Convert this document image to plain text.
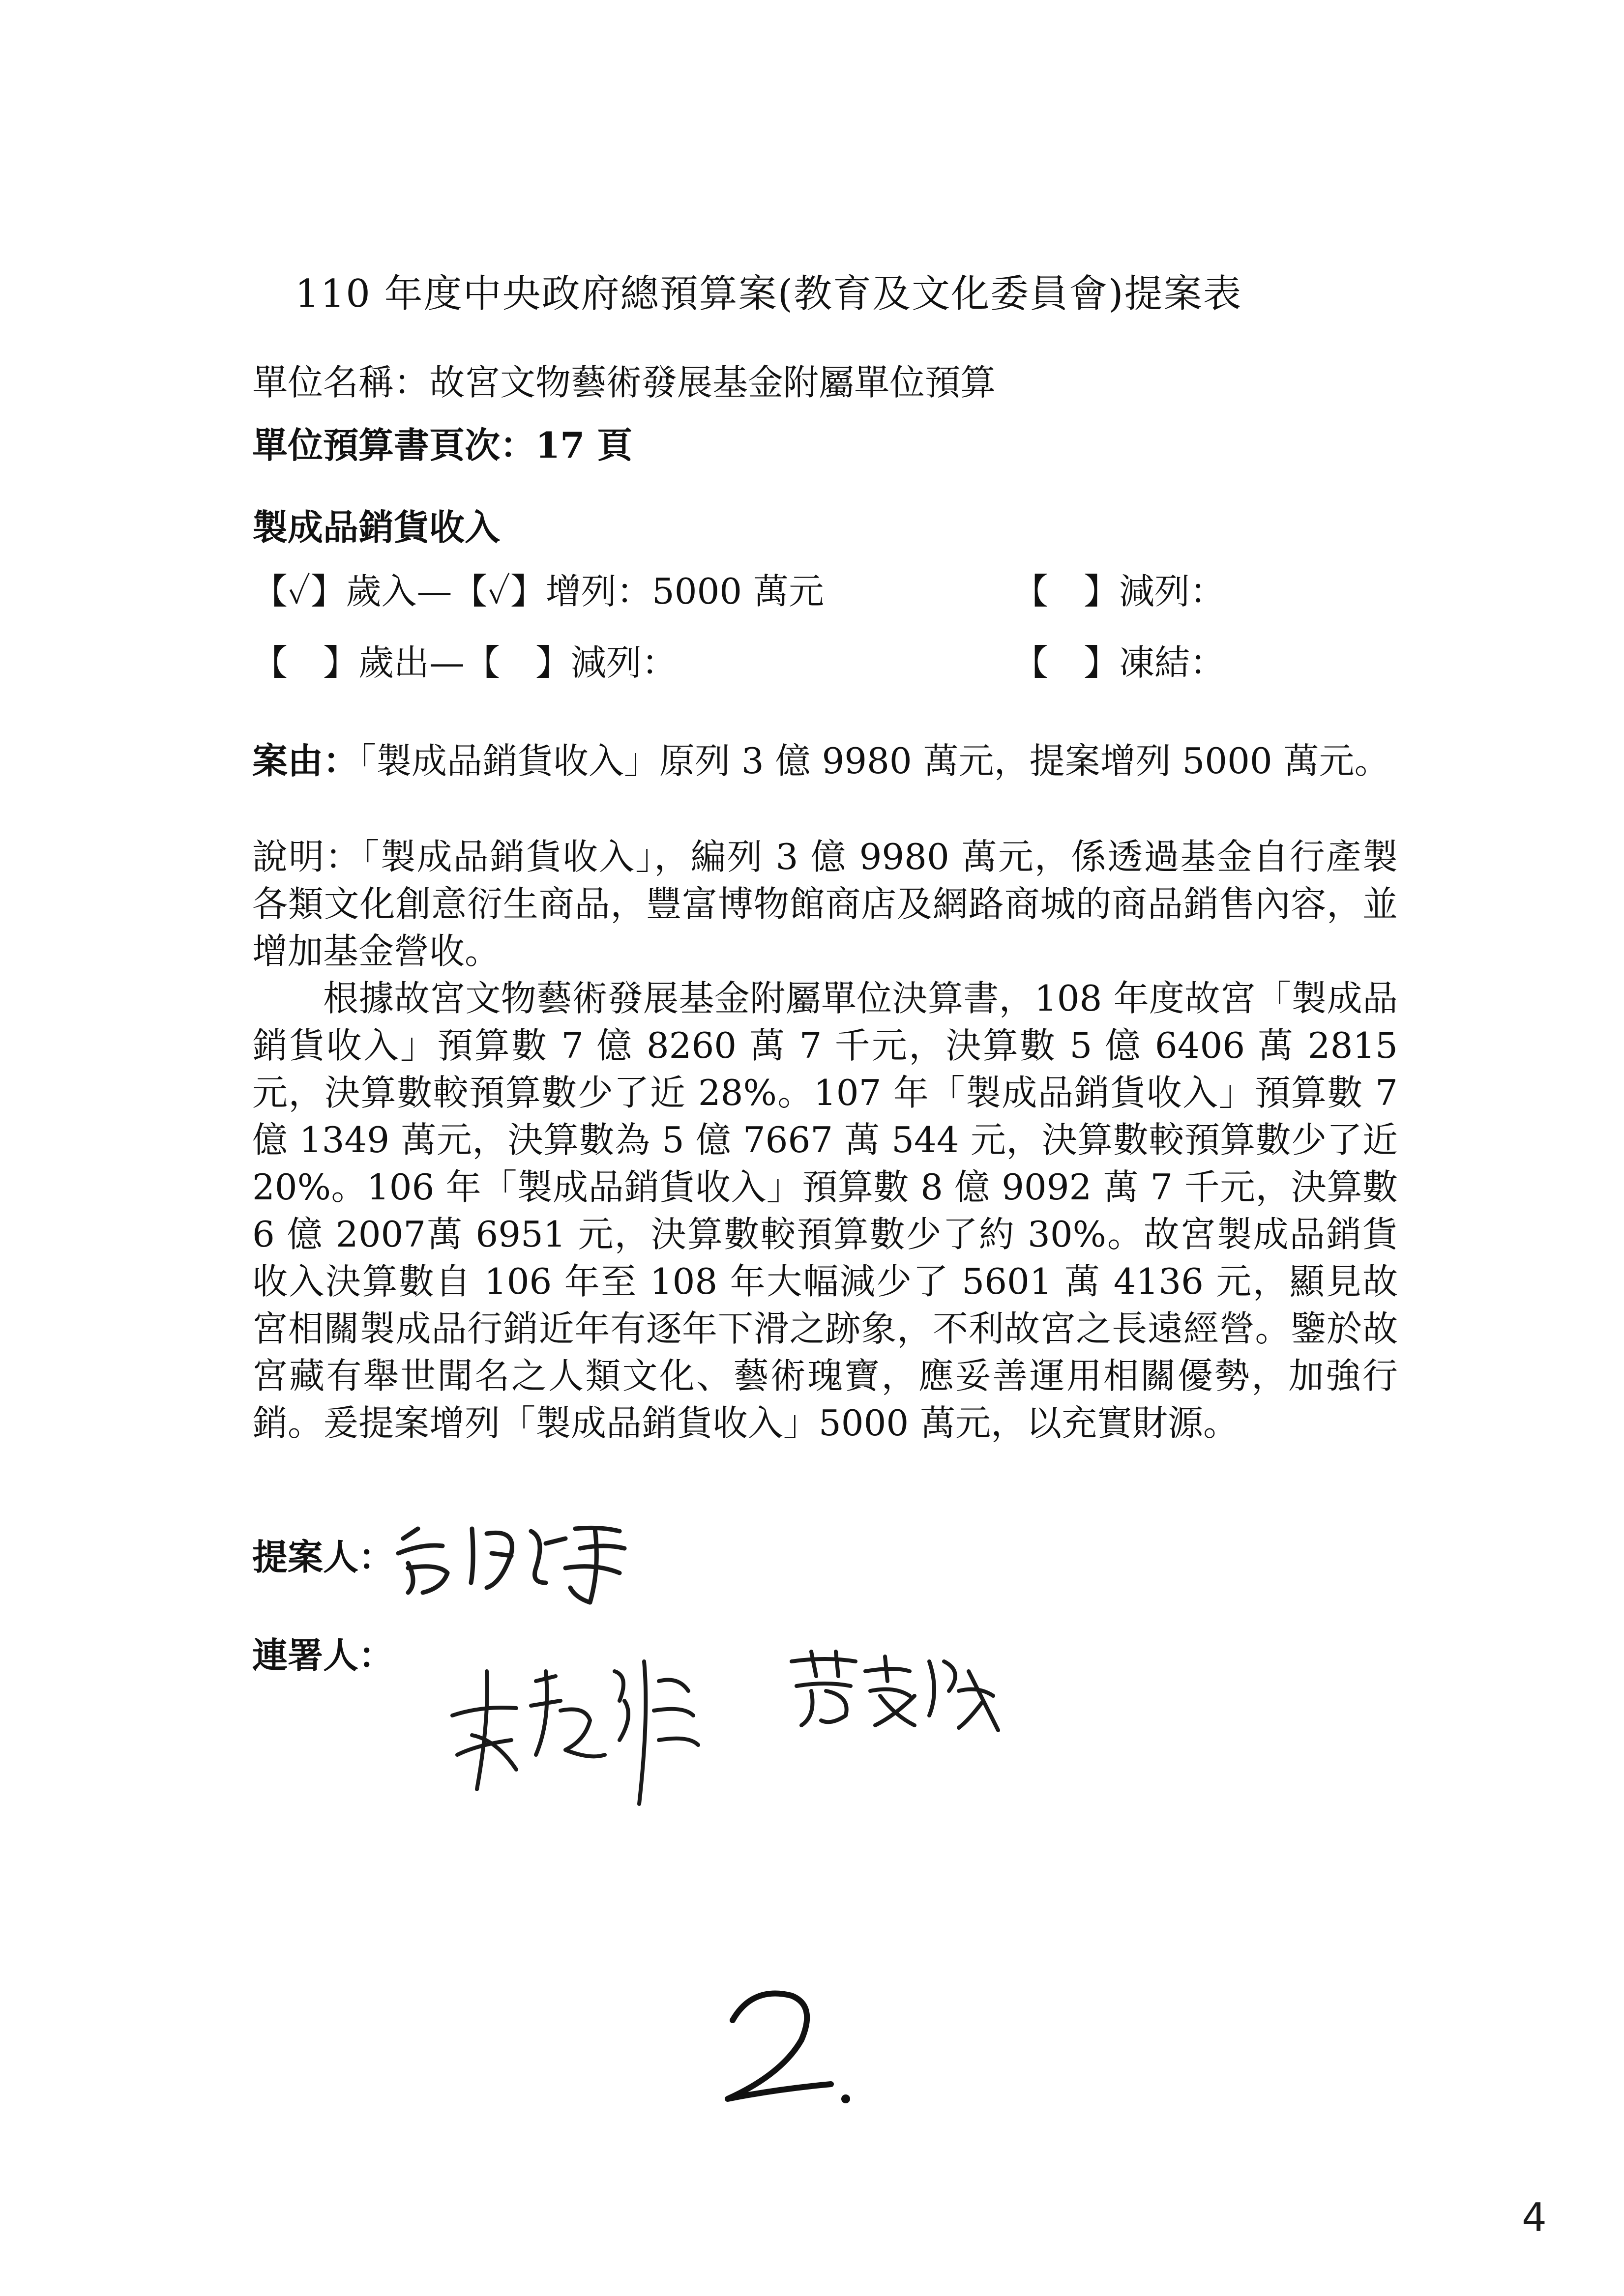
110 年度中央政府總預算案(教育及文化委員會)提案表
單位名稱：故宮文物藝術發展基金附屬單位預算
單位預算書頁次：17 頁
製成品銷貨收入
【✓】歲入—【✓】增列：5000 萬元	【　】減列：
【　】歲出—【　】減列：	【　】凍結：
案由：「製成品銷貨收入」原列 3 億 9980 萬元，提案增列 5000 萬元。

說明：「製成品銷貨收入」，編列 3 億 9980 萬元，係透過基金自行產製各類文化創意衍生商品，豐富博物館商店及網路商城的商品銷售內容，並增加基金營收。

根據故宮文物藝術發展基金附屬單位決算書，108 年度故宮「製成品銷貨收入」預算數 7 億 8260 萬 7 千元，決算數 5 億 6406 萬 2815 元，決算數較預算數少了近 28%。107 年「製成品銷貨收入」預算數 7 億 1349 萬元，決算數為 5 億 7667 萬 544 元，決算數較預算數少了近 20%。106 年「製成品銷貨收入」預算數 8 億 9092 萬 7 千元，決算數 6 億 2007萬 6951 元，決算數較預算數少了約 30%。故宮製成品銷貨收入決算數自 106 年至 108 年大幅減少了 5601 萬 4136 元，顯見故宮相關製成品行銷近年有逐年下滑之跡象，不利故宮之長遠經營。鑒於故宮藏有舉世聞名之人類文化、藝術瑰寶，應妥善運用相關優勢，加強行銷。爰提案增列「製成品銷貨收入」5000 萬元，以充實財源。

提案人：
連署人：
4
